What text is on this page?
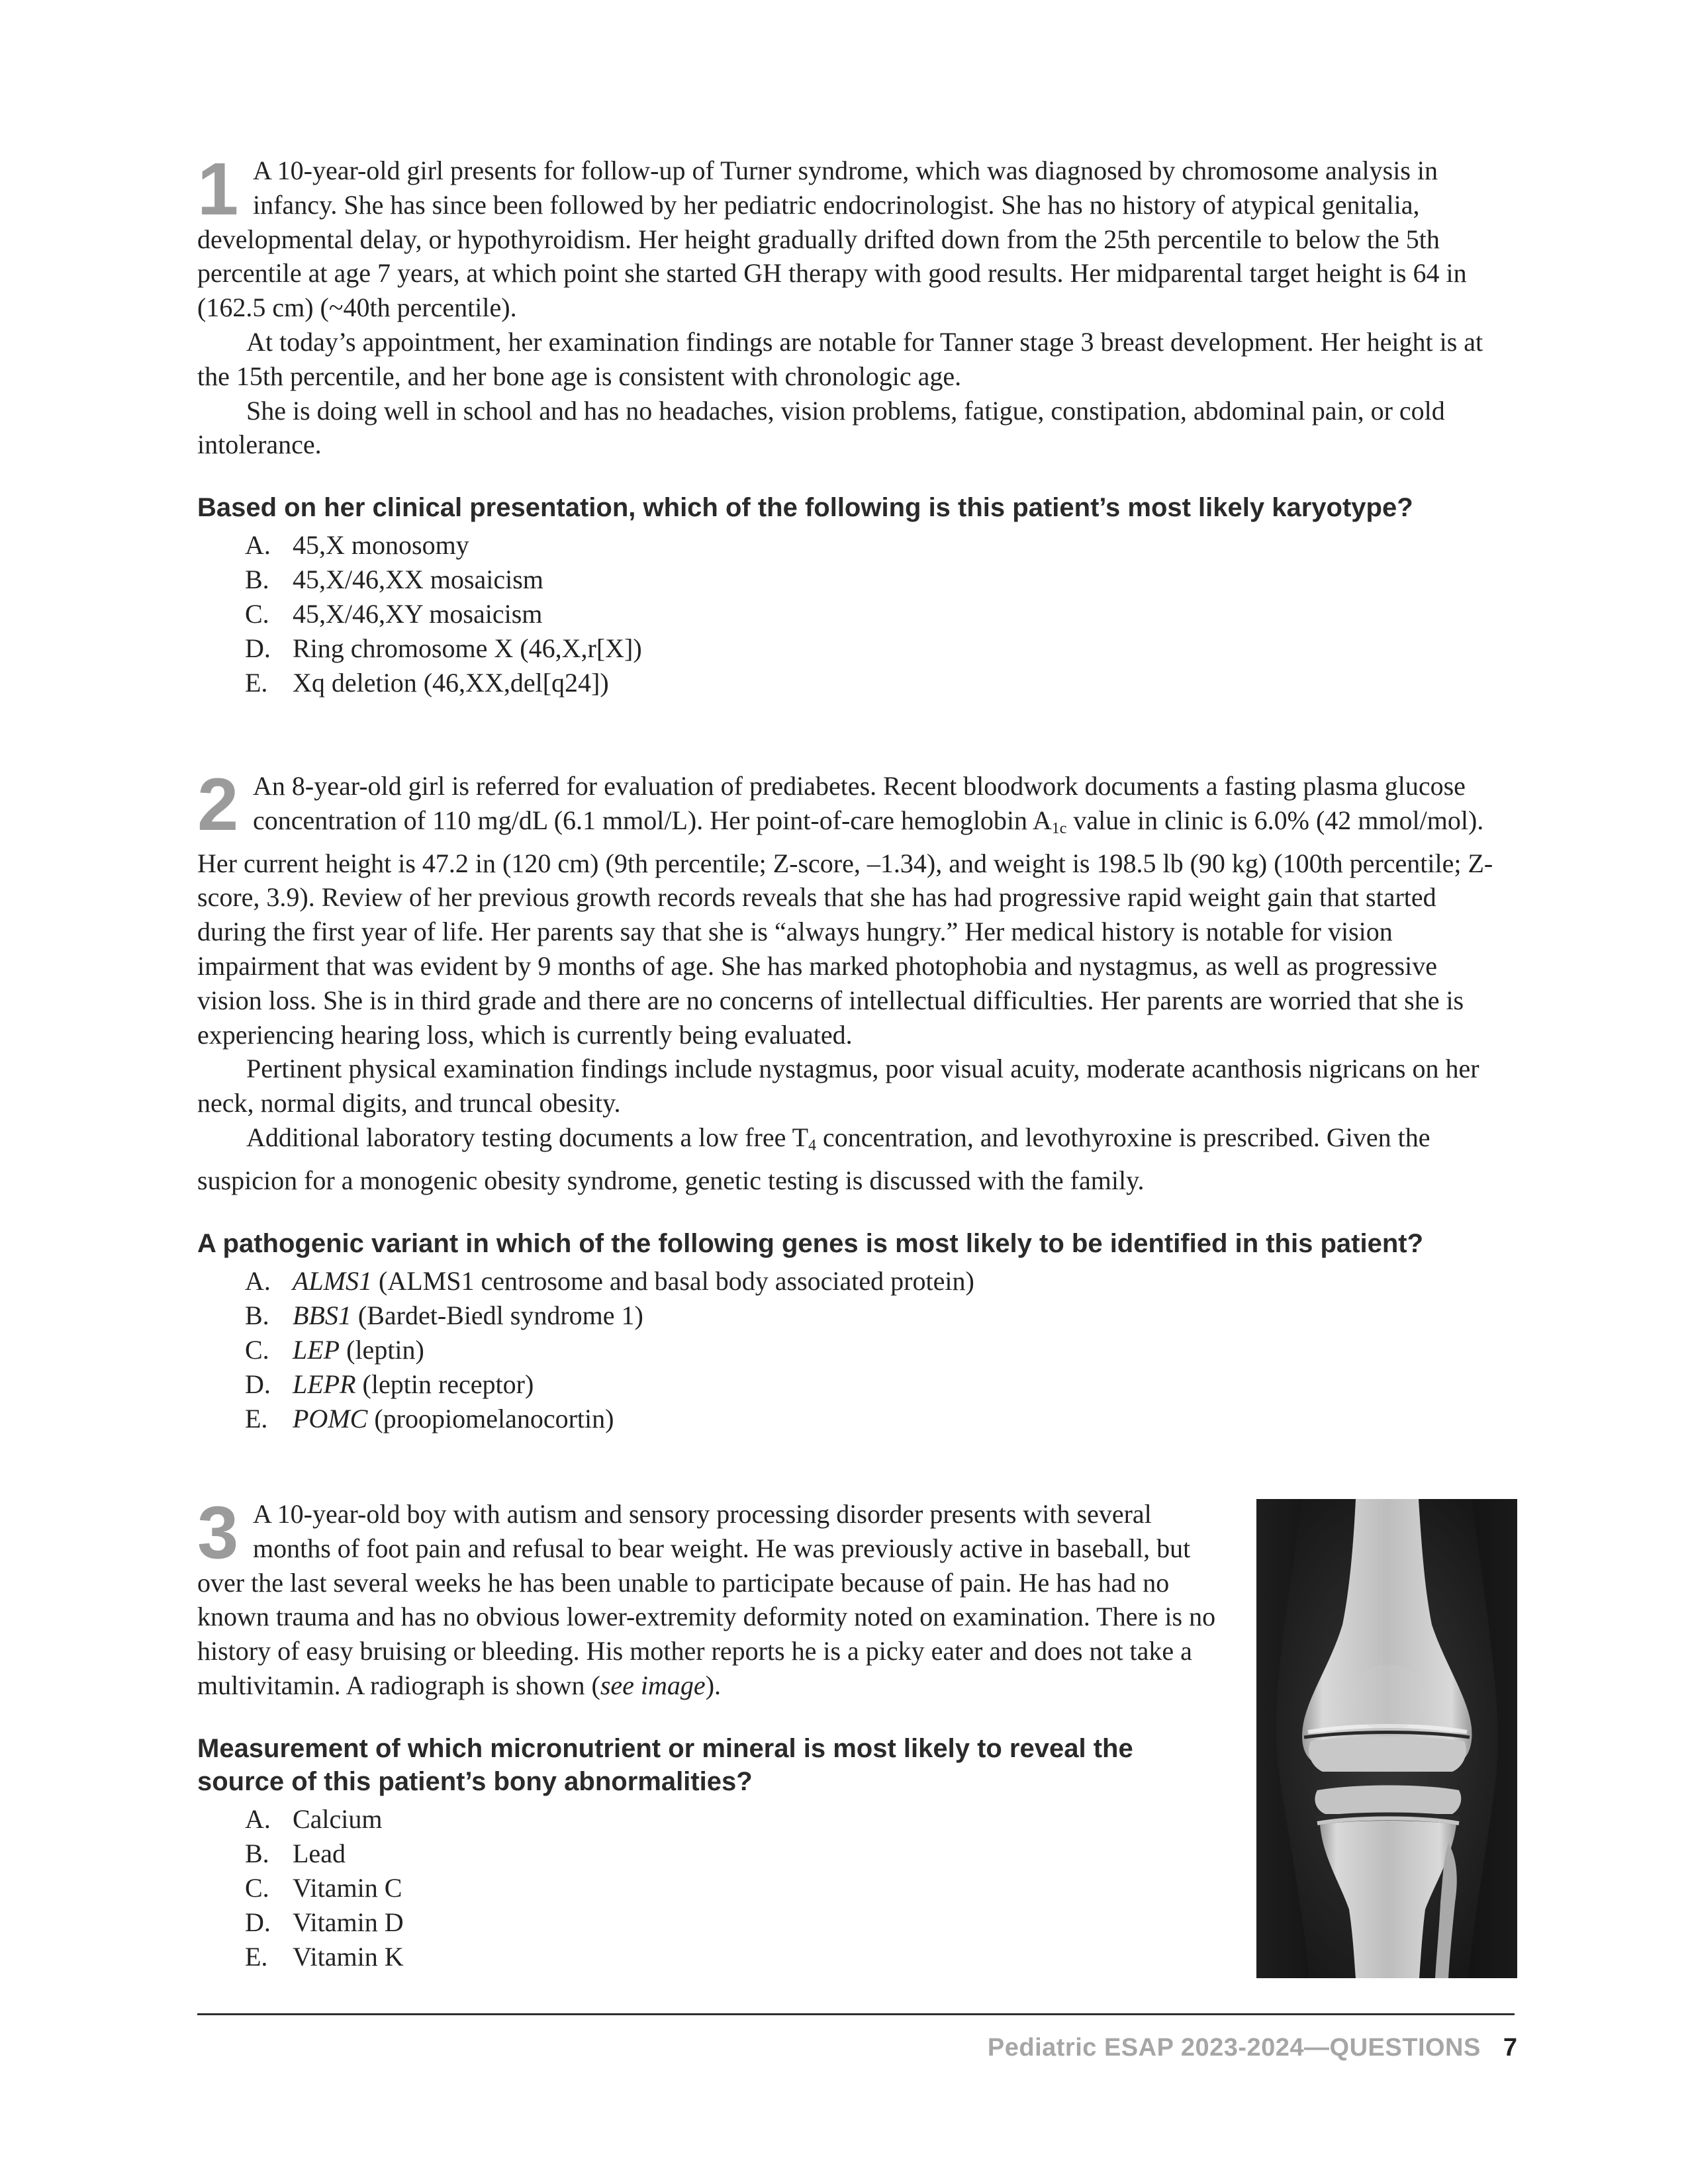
1 A 10-year-old girl presents for follow-up of Turner syndrome, which was diagnosed by chromosome analysis in infancy. She has since been followed by her pediatric endocrinologist. She has no history of atypical genitalia, developmental delay, or hypothyroidism. Her height gradually drifted down from the 25th percentile to below the 5th percentile at age 7 years, at which point she started GH therapy with good results. Her midparental target height is 64 in (162.5 cm) (~40th percentile).

At today’s appointment, her examination findings are notable for Tanner stage 3 breast development. Her height is at the 15th percentile, and her bone age is consistent with chronologic age.

She is doing well in school and has no headaches, vision problems, fatigue, constipation, abdominal pain, or cold intolerance.

Based on her clinical presentation, which of the following is this patient’s most likely karyotype?
A. 45,X monosomy
B. 45,X/46,XX mosaicism
C. 45,X/46,XY mosaicism
D. Ring chromosome X (46,X,r[X])
E. Xq deletion (46,XX,del[q24])
2 An 8-year-old girl is referred for evaluation of prediabetes. Recent bloodwork documents a fasting plasma glucose concentration of 110 mg/dL (6.1 mmol/L). Her point-of-care hemoglobin $A_{1c}$ value in clinic is 6.0% (42 mmol/mol). Her current height is 47.2 in (120 cm) (9th percentile; Z-score, –1.34), and weight is 198.5 lb (90 kg) (100th percentile; Z-score, 3.9). Review of her previous growth records reveals that she has had progressive rapid weight gain that started during the first year of life. Her parents say that she is “always hungry.” Her medical history is notable for vision impairment that was evident by 9 months of age. She has marked photophobia and nystagmus, as well as progressive vision loss. She is in third grade and there are no concerns of intellectual difficulties. Her parents are worried that she is experiencing hearing loss, which is currently being evaluated.

Pertinent physical examination findings include nystagmus, poor visual acuity, moderate acanthosis nigricans on her neck, normal digits, and truncal obesity.

Additional laboratory testing documents a low free $T_4$ concentration, and levothyroxine is prescribed. Given the suspicion for a monogenic obesity syndrome, genetic testing is discussed with the family.

A pathogenic variant in which of the following genes is most likely to be identified in this patient?
A. ALMS1 (ALMS1 centrosome and basal body associated protein)
B. BBS1 (Bardet-Biedl syndrome 1)
C. LEP (leptin)
D. LEPR (leptin receptor)
E. POMC (proopiomelanocortin)
3 A 10-year-old boy with autism and sensory processing disorder presents with several months of foot pain and refusal to bear weight. He was previously active in baseball, but over the last several weeks he has been unable to participate because of pain. He has had no known trauma and has no obvious lower-extremity deformity noted on examination. There is no history of easy bruising or bleeding. His mother reports he is a picky eater and does not take a multivitamin. A radiograph is shown (see image).

Measurement of which micronutrient or mineral is most likely to reveal the source of this patient’s bony abnormalities?
A. Calcium
B. Lead
C. Vitamin C
D. Vitamin D
E. Vitamin K
Pediatric ESAP 2023-2024—QUESTIONS 7
